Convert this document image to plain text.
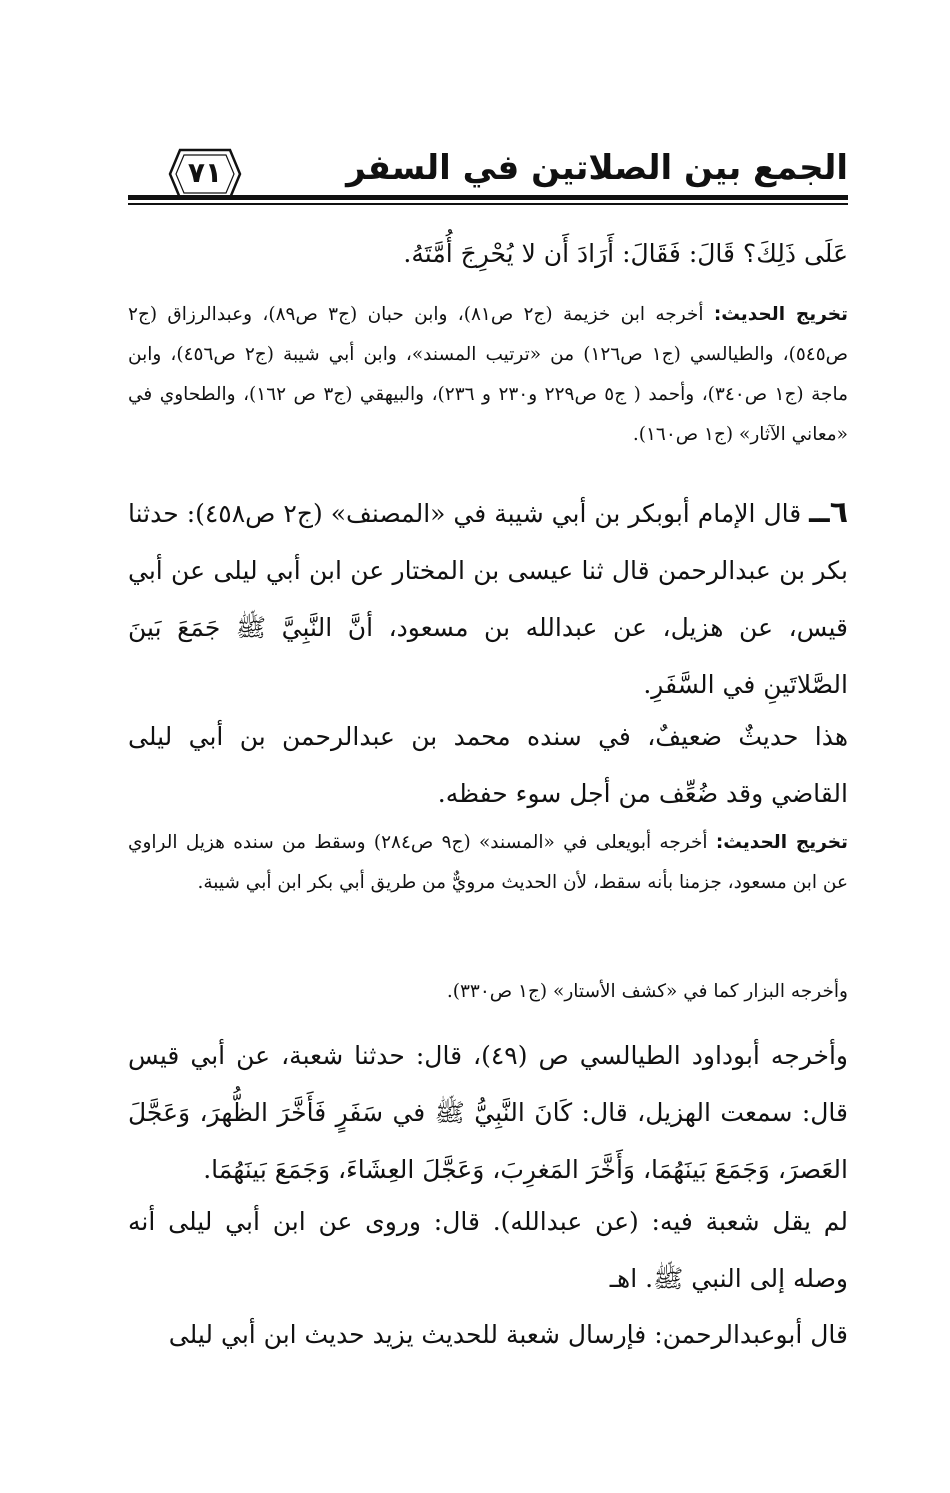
الجمع بين الصلاتين في السفر
٧١
عَلَى ذَلِكَ؟ قَالَ: فَقَالَ: أَرَادَ أَن لا يُحْرِجَ أُمَّتَهُ.
تخريج الحديث: أخرجه ابن خزيمة (ج٢ ص٨١)، وابن حبان (ج٣ ص٨٩)، وعبدالرزاق (ج٢ ص٥٤٥)، والطيالسي (ج١ ص١٢٦) من «ترتيب المسند»، وابن أبي شيبة (ج٢ ص٤٥٦)، وابن ماجة (ج١ ص٣٤٠)، وأحمد ( ج٥ ص٢٢٩ و٢٣٠ و ٢٣٦)، والبيهقي (ج٣ ص ١٦٢)، والطحاوي في «معاني الآثار» (ج١ ص١٦٠).
٦ــ قال الإمام أبوبكر بن أبي شيبة في «المصنف» (ج٢ ص٤٥٨): حدثنا بكر بن عبدالرحمن قال ثنا عيسى بن المختار عن ابن أبي ليلى عن أبي قيس، عن هزيل، عن عبدالله بن مسعود، أنَّ النَّبِيَّ ﷺ جَمَعَ بَينَ الصَّلاتَينِ في السَّفَرِ.
هذا حديثٌ ضعيفٌ، في سنده محمد بن عبدالرحمن بن أبي ليلى القاضي وقد ضُعِّف من أجل سوء حفظه.
تخريج الحديث: أخرجه أبويعلى في «المسند» (ج٩ ص٢٨٤) وسقط من سنده هزيل الراوي عن ابن مسعود، جزمنا بأنه سقط، لأن الحديث مرويٌّ من طريق أبي بكر ابن أبي شيبة.
وأخرجه البزار كما في «كشف الأستار» (ج١ ص٣٣٠).
وأخرجه أبوداود الطيالسي ص (٤٩)، قال: حدثنا شعبة، عن أبي قيس قال: سمعت الهزيل، قال: كَانَ النَّبِيُّ ﷺ في سَفَرٍ فَأَخَّرَ الظُّهرَ، وَعَجَّلَ العَصرَ، وَجَمَعَ بَينَهُمَا، وَأَخَّرَ المَغرِبَ، وَعَجَّلَ العِشَاءَ، وَجَمَعَ بَينَهُمَا.
لم يقل شعبة فيه: (عن عبدالله). قال: وروى عن ابن أبي ليلى أنه وصله إلى النبي ﷺ. اهـ
قال أبوعبدالرحمن: فإرسال شعبة للحديث يزيد حديث ابن أبي ليلى
